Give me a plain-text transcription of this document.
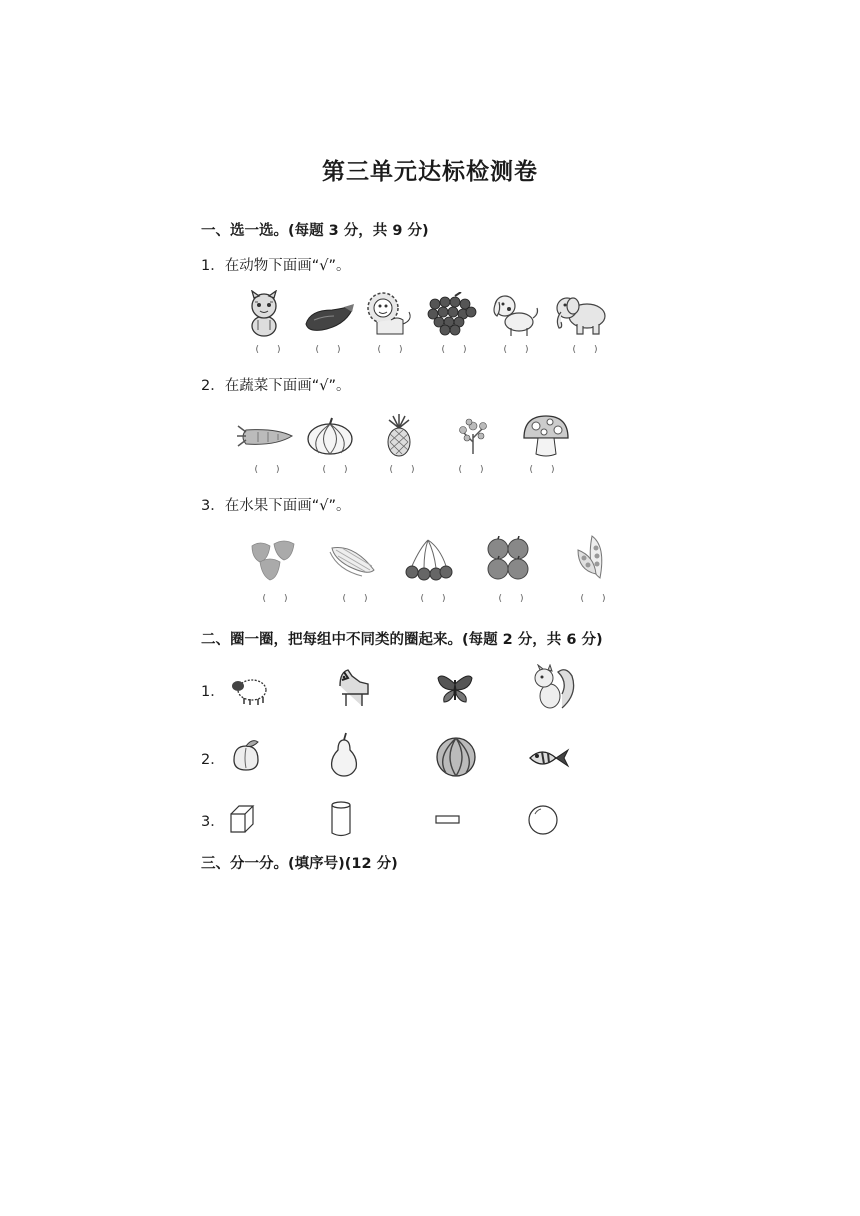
第三单元达标检测卷
一、选一选。(每题 3 分，共 9 分)
1．在动物下面画“√”。
(　　)	(　　)	(　　)	(　　)	(　　)	(　　)
2．在蔬菜下面画“√”。
(　　)	(　　)	(　　)	(　　)	(　　)
3．在水果下面画“√”。
(　　)	(　　)	(　　)	(　　)	(　　)
二、圈一圈，把每组中不同类的圈起来。(每题 2 分，共 6 分)
1．
2．
3．
三、分一分。(填序号)(12 分)
